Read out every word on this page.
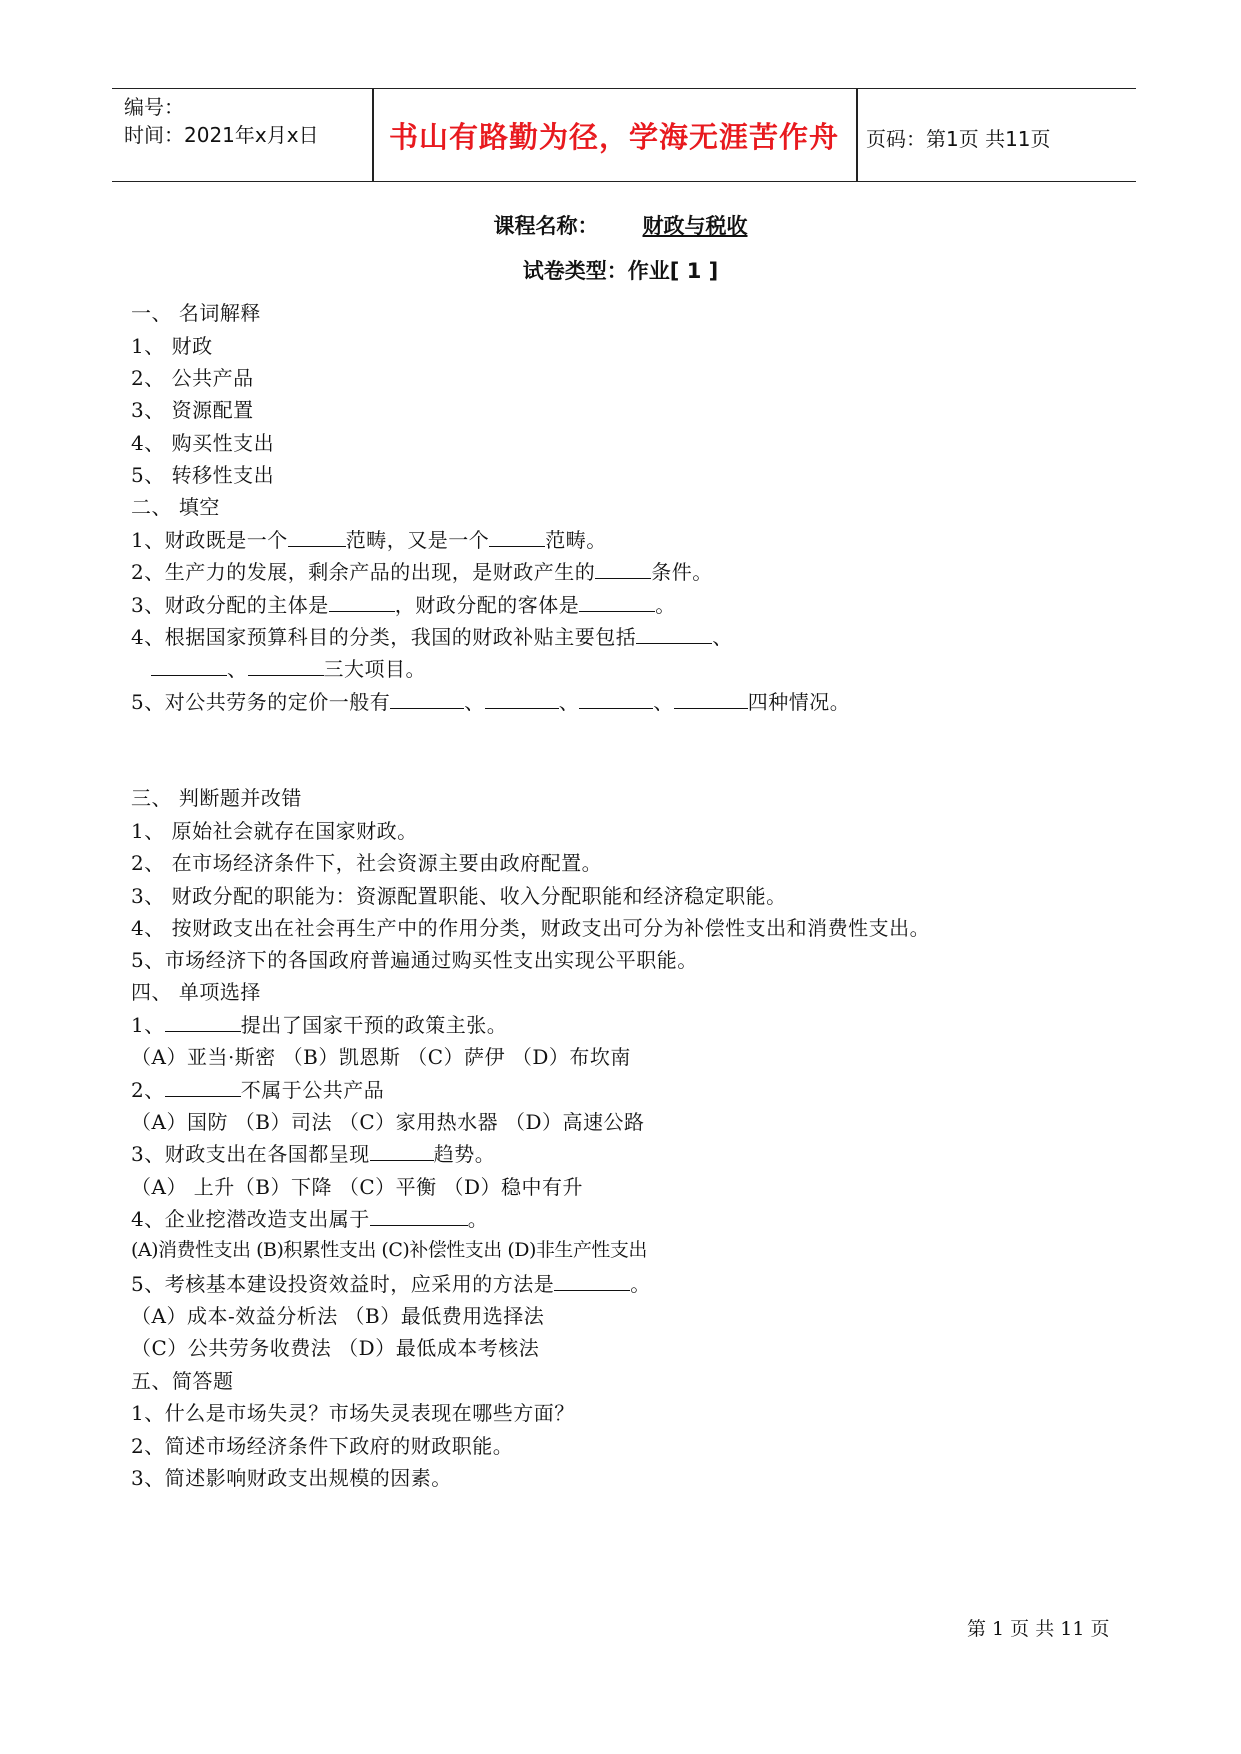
编号：
时间：2021年x月x日	书山有路勤为径，学海无涯苦作舟	页码：第1页 共11页
课程名称： 财政与税收
试卷类型：作业[ 1 ]
一、 名词解释
1、 财政
2、 公共产品
3、 资源配置
4、 购买性支出
5、 转移性支出
二、 填空
1、财政既是一个	范畴，又是一个	范畴。
2、生产力的发展，剩余产品的出现，是财政产生的	条件。
3、财政分配的主体是	，财政分配的客体是	。
4、根据国家预算科目的分类，我国的财政补贴主要包括	、
、	三大项目。
5、对公共劳务的定价一般有	、	、	、	四种情况。
三、 判断题并改错
1、 原始社会就存在国家财政。
2、 在市场经济条件下，社会资源主要由政府配置。
3、 财政分配的职能为：资源配置职能、收入分配职能和经济稳定职能。
4、 按财政支出在社会再生产中的作用分类，财政支出可分为补偿性支出和消费性支出。
5、市场经济下的各国政府普遍通过购买性支出实现公平职能。
四、 单项选择
1、	提出了国家干预的政策主张。
（A）亚当·斯密 （B）凯恩斯 （C）萨伊 （D）布坎南
2、	不属于公共产品
（A）国防 （B）司法 （C）家用热水器 （D）高速公路
3、财政支出在各国都呈现	趋势。
（A） 上升（B）下降 （C）平衡 （D）稳中有升
4、企业挖潜改造支出属于	。
(A)消费性支出 (B)积累性支出 (C)补偿性支出 (D)非生产性支出
5、考核基本建设投资效益时，应采用的方法是	。
（A）成本-效益分析法 （B）最低费用选择法
（C）公共劳务收费法 （D）最低成本考核法
五、简答题
1、什么是市场失灵？市场失灵表现在哪些方面？
2、简述市场经济条件下政府的财政职能。
3、简述影响财政支出规模的因素。
第 1 页 共 11 页
